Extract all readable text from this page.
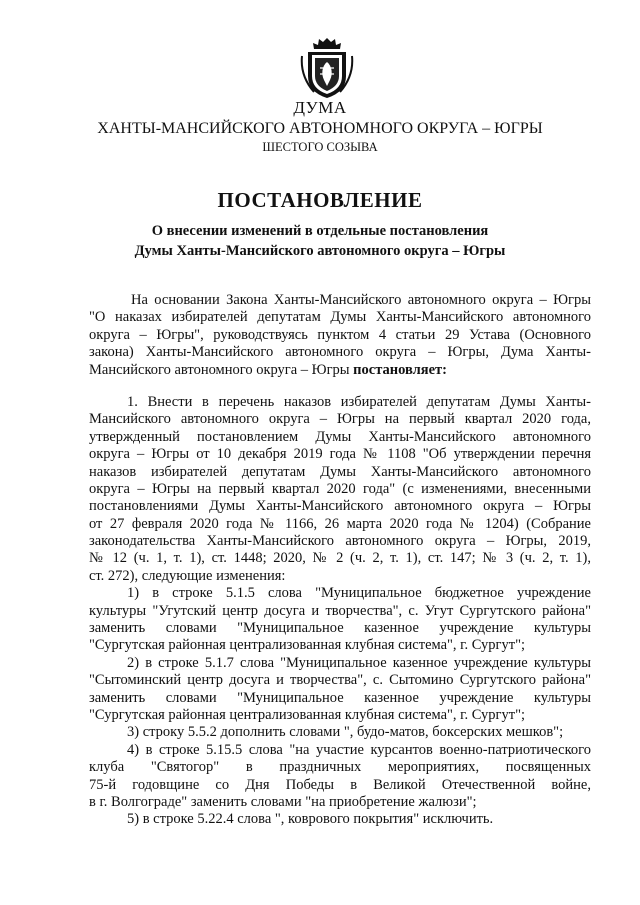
ДУМА
ХАНТЫ-МАНСИЙСКОГО АВТОНОМНОГО ОКРУГА – ЮГРЫ
ШЕСТОГО СОЗЫВА
ПОСТАНОВЛЕНИЕ
О внесении изменений в отдельные постановления
Думы Ханты-Мансийского автономного округа – Югры
На основании Закона Ханты-Мансийского автономного округа – Югры
"О наказах избирателей депутатам Думы Ханты-Мансийского автономного
округа – Югры", руководствуясь пунктом 4 статьи 29 Устава (Основного
закона) Ханты-Мансийского автономного округа – Югры, Дума Ханты-
Мансийского автономного округа – Югры постановляет:
1. Внести в перечень наказов избирателей депутатам Думы Ханты-
Мансийского автономного округа – Югры на первый квартал 2020 года,
утвержденный постановлением Думы Ханты-Мансийского автономного
округа – Югры от 10 декабря 2019 года № 1108 "Об утверждении перечня
наказов избирателей депутатам Думы Ханты-Мансийского автономного
округа – Югры на первый квартал 2020 года" (с изменениями, внесенными
постановлениями Думы Ханты-Мансийского автономного округа – Югры
от 27 февраля 2020 года № 1166, 26 марта 2020 года № 1204) (Собрание
законодательства Ханты-Мансийского автономного округа – Югры, 2019,
№ 12 (ч. 1, т. 1), ст. 1448; 2020, № 2 (ч. 2, т. 1), ст. 147; № 3 (ч. 2, т. 1),
ст. 272), следующие изменения:
1) в строке 5.1.5 слова "Муниципальное бюджетное учреждение
культуры "Угутский центр досуга и творчества", с. Угут Сургутского района"
заменить словами "Муниципальное казенное учреждение культуры
"Сургутская районная централизованная клубная система", г. Сургут";
2) в строке 5.1.7 слова "Муниципальное казенное учреждение культуры
"Сытоминский центр досуга и творчества", с. Сытомино Сургутского района"
заменить словами "Муниципальное казенное учреждение культуры
"Сургутская районная централизованная клубная система", г. Сургут";
3) строку 5.5.2 дополнить словами ", будо-матов, боксерских мешков";
4) в строке 5.15.5 слова "на участие курсантов военно-патриотического
клуба "Святогор" в праздничных мероприятиях, посвященных
75-й годовщине со Дня Победы в Великой Отечественной войне,
в г. Волгограде" заменить словами "на приобретение жалюзи";
5) в строке 5.22.4 слова ", коврового покрытия" исключить.
